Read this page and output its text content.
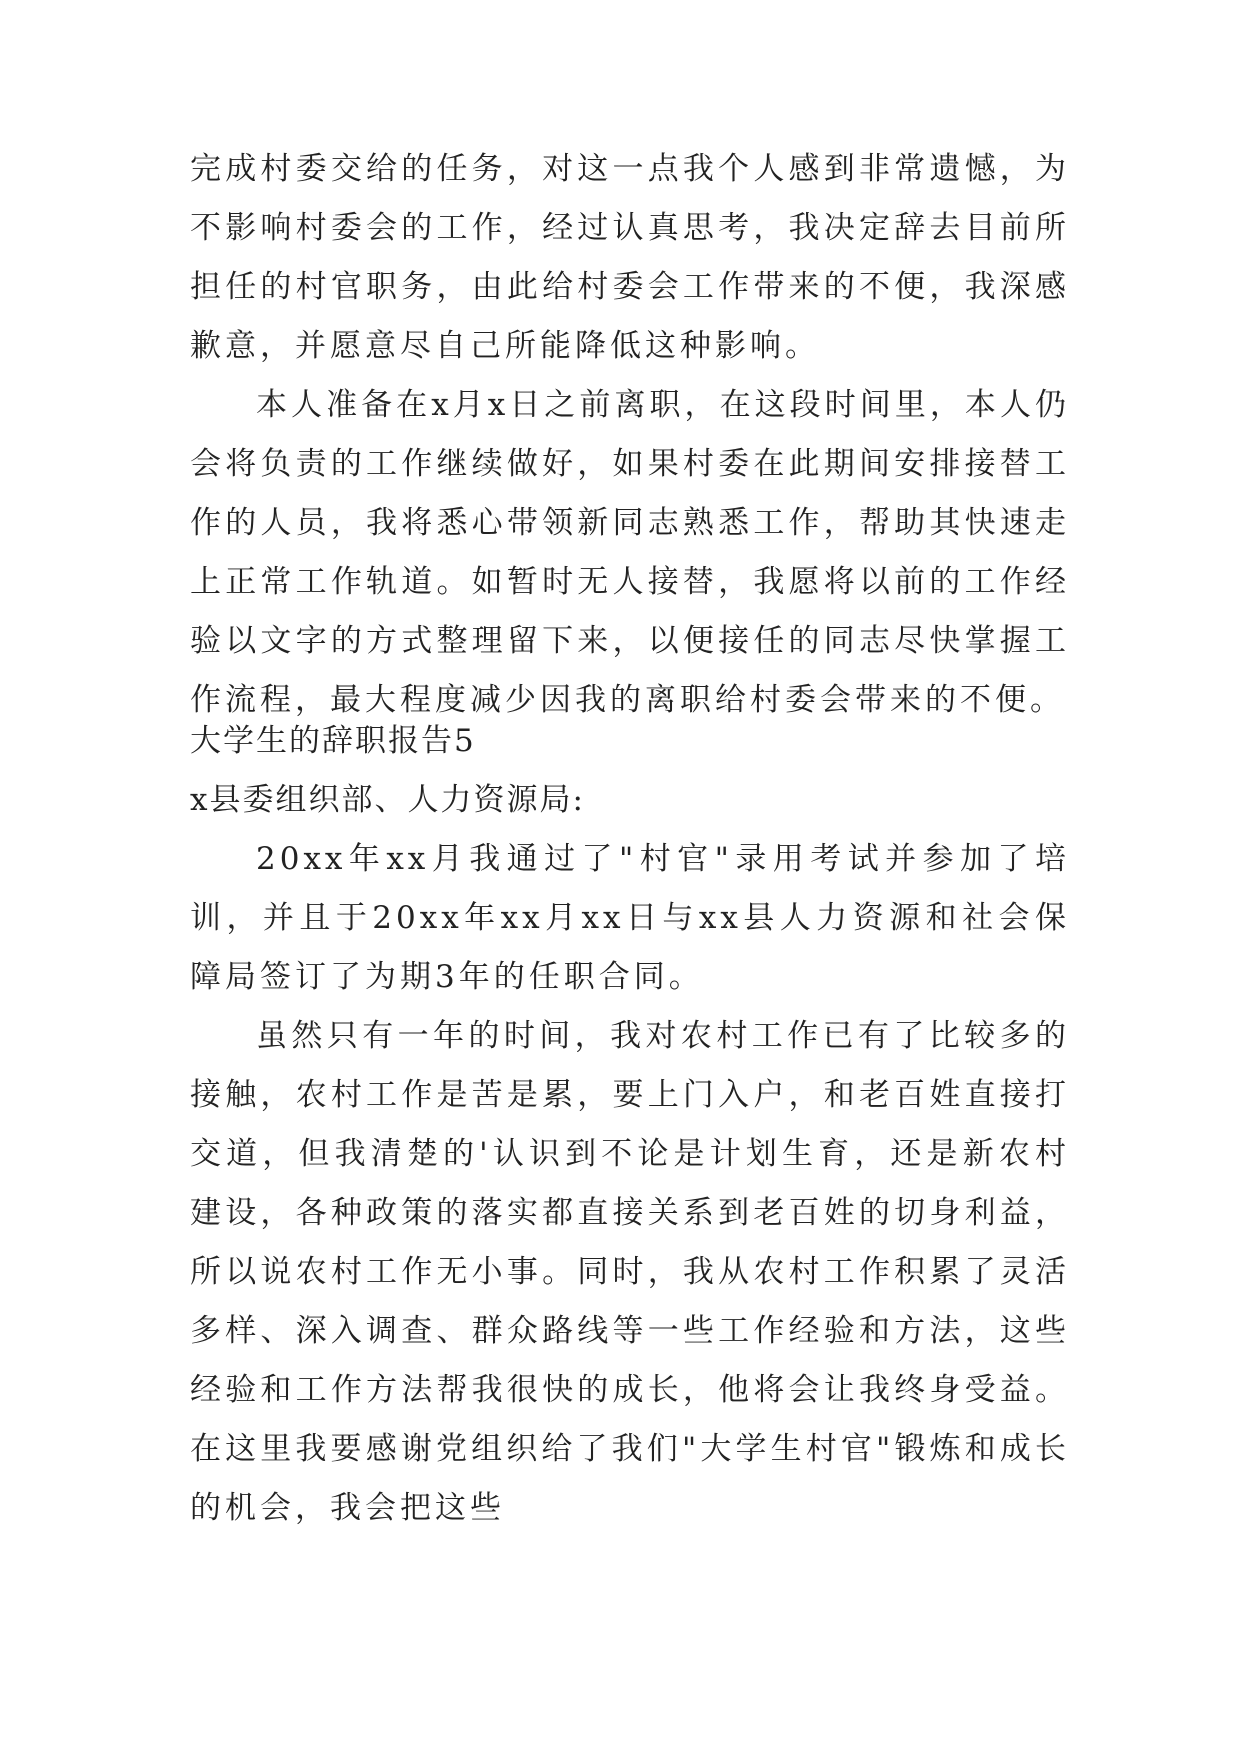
完成村委交给的任务，对这一点我个人感到非常遗憾，为不影响村委会的工作，经过认真思考，我决定辞去目前所担任的村官职务，由此给村委会工作带来的不便，我深感歉意，并愿意尽自己所能降低这种影响。

本人准备在x月x日之前离职，在这段时间里，本人仍会将负责的工作继续做好，如果村委在此期间安排接替工作的人员，我将悉心带领新同志熟悉工作，帮助其快速走上正常工作轨道。如暂时无人接替，我愿将以前的工作经验以文字的方式整理留下来，以便接任的同志尽快掌握工作流程，最大程度减少因我的离职给村委会带来的不便。

大学生的辞职报告5

x县委组织部、人力资源局:

20xx年xx月我通过了"村官"录用考试并参加了培训，并且于20xx年xx月xx日与xx县人力资源和社会保障局签订了为期3年的任职合同。

虽然只有一年的时间，我对农村工作已有了比较多的接触，农村工作是苦是累，要上门入户，和老百姓直接打交道，但我清楚的'认识到不论是计划生育，还是新农村建设，各种政策的落实都直接关系到老百姓的切身利益，所以说农村工作无小事。同时，我从农村工作积累了灵活多样、深入调查、群众路线等一些工作经验和方法，这些经验和工作方法帮我很快的成长，他将会让我终身受益。在这里我要感谢党组织给了我们"大学生村官"锻炼和成长的机会，我会把这些
